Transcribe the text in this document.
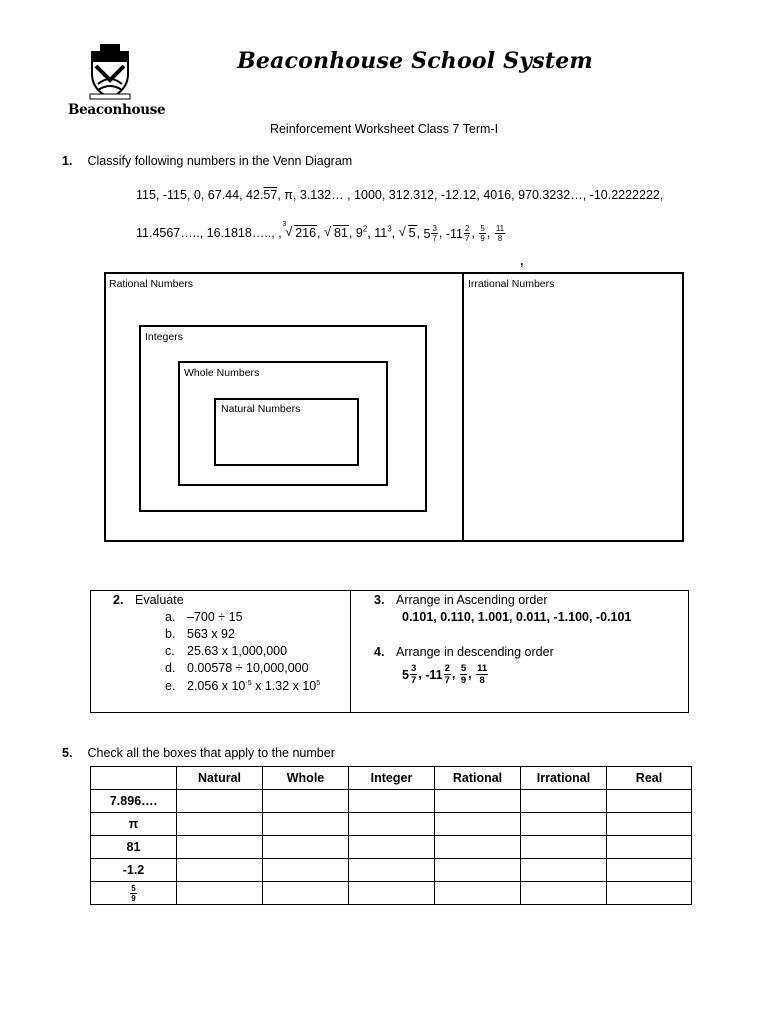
Beaconhouse
Beaconhouse School System
Reinforcement Worksheet Class 7 Term-I
1. Classify following numbers in the Venn Diagram
115, -115, 0, 67.44, 42.57, π, 3.132… , 1000, 312.312, -12.12, 4016, 970.3232…, -10.2222222,
11.4567….., 16.1818….., ,
3 √ 216, √ 81, $9^2$, $11^3$, √ 5, $5 \frac{3}{7}$ , $-11 \frac{2}{7}$ , $\frac{5}{9}$ , $\frac{11}{8}$
,
Rational Numbers	Irrational Numbers
Integers
Whole Numbers
Natural Numbers
2. Evaluate
a. –700 ÷ 15
b. 563 x 92
c. 25.63 x 1,000,000
d. 0.00578 ÷ 10,000,000
e. 2.056 x $10^{-5}$ x 1.32 x $10^5$
3. Arrange in Ascending order
0.101, 0.110, 1.001, 0.011, -1.100, -0.101
4. Arrange in descending order
$5 \frac{3}{7}$ , $-11 \frac{2}{7}$ , $\frac{5}{9}$ , $\frac{11}{8}$
5. Check all the boxes that apply to the number
	Natural	Whole	Integer	Rational	Irrational	Real
7.896….						
π						
81						
-1.2						

$\frac{5}{9}$
